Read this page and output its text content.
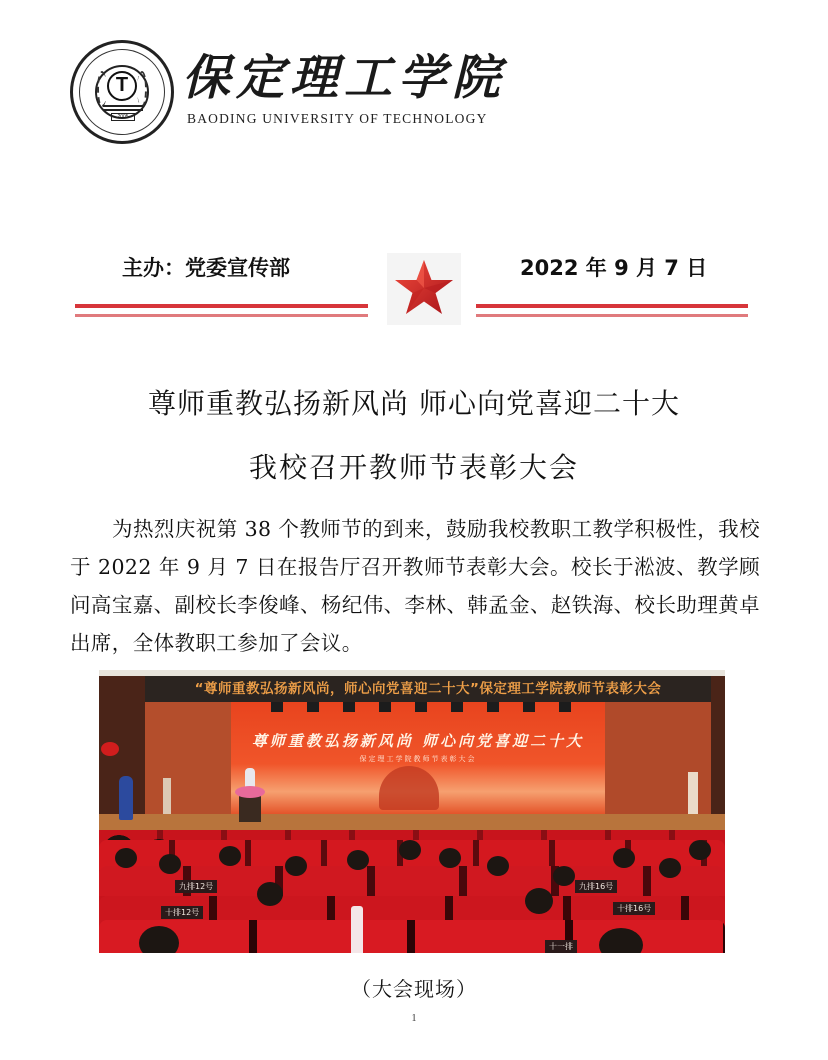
T
2005
保定理工学院
BAODING UNIVERSITY OF TECHNOLOGY
主办：党委宣传部	2022 年 9 月 7 日
尊师重教弘扬新风尚 师心向党喜迎二十大
我校召开教师节表彰大会

为热烈庆祝第 38 个教师节的到来，鼓励我校教职工教学积极性，我校于 2022 年 9 月 7 日在报告厅召开教师节表彰大会。校长于淞波、教学顾问高宝嘉、副校长李俊峰、杨纪伟、李林、韩孟金、赵铁海、校长助理黄卓出席，全体教职工参加了会议。

“尊师重教弘扬新风尚，师心向党喜迎二十大”保定理工学院教师节表彰大会
尊师重教弘扬新风尚 师心向党喜迎二十大
保定理工学院教师节表彰大会
九排12号
十排12号
九排16号
十排16号
十一排
（大会现场）
1
